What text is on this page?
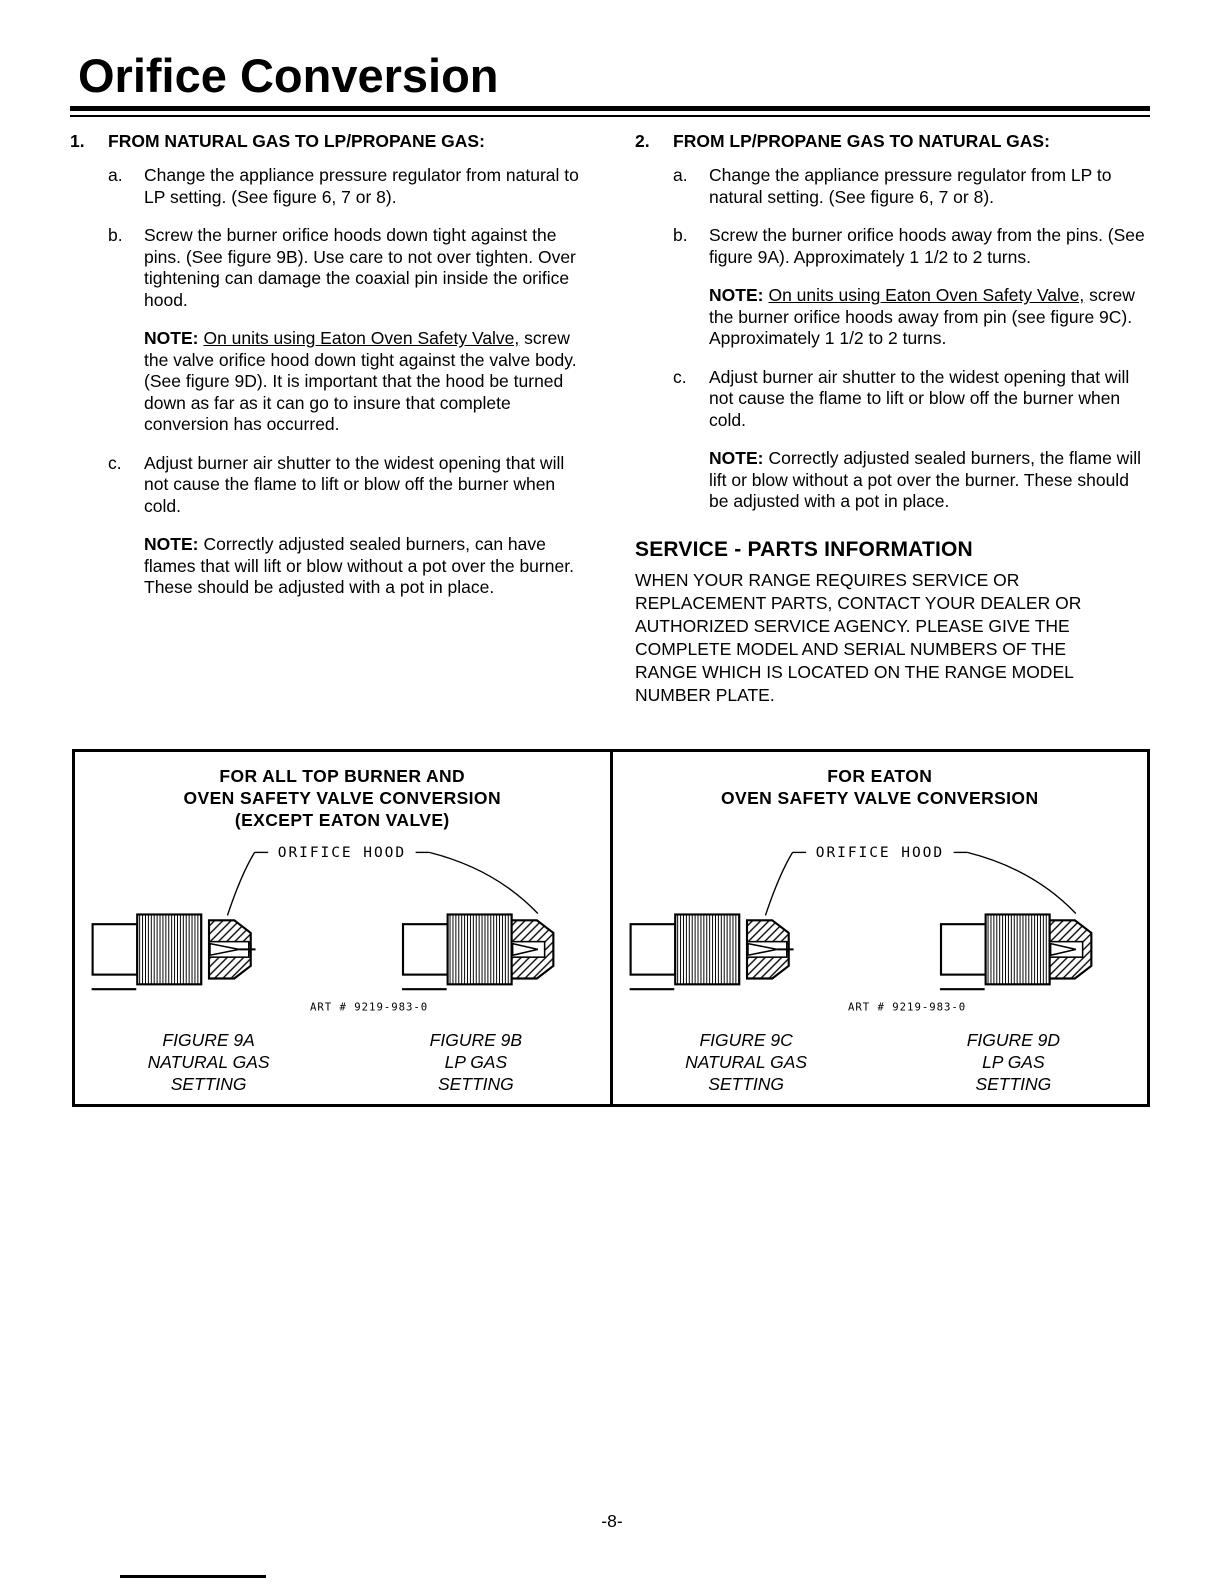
Orifice Conversion
1.	FROM NATURAL GAS TO LP/PROPANE GAS:
a.	Change the appliance pressure regulator from natural to LP setting. (See figure 6, 7 or 8).
b.	Screw the burner orifice hoods down tight against the pins. (See figure 9B). Use care to not over tighten. Over tightening can damage the coaxial pin inside the orifice hood.
NOTE: On units using Eaton Oven Safety Valve, screw the valve orifice hood down tight against the valve body. (See figure 9D). It is important that the hood be turned down as far as it can go to insure that complete conversion has occurred.
c.	Adjust burner air shutter to the widest opening that will not cause the flame to lift or blow off the burner when cold.
NOTE: Correctly adjusted sealed burners, can have flames that will lift or blow without a pot over the burner. These should be adjusted with a pot in place.
2.	FROM LP/PROPANE GAS TO NATURAL GAS:
a.	Change the appliance pressure regulator from LP to natural setting. (See figure 6, 7 or 8).
b.	Screw the burner orifice hoods away from the pins. (See figure 9A). Approximately 1 1/2 to 2 turns.
NOTE: On units using Eaton Oven Safety Valve, screw the burner orifice hoods away from pin (see figure 9C). Approximately 1 1/2 to 2 turns.
c.	Adjust burner air shutter to the widest opening that will not cause the flame to lift or blow off the burner when cold.
NOTE: Correctly adjusted sealed burners, the flame will lift or blow without a pot over the burner. These should be adjusted with a pot in place.
SERVICE - PARTS INFORMATION
WHEN YOUR RANGE REQUIRES SERVICE OR REPLACEMENT PARTS, CONTACT YOUR DEALER OR AUTHORIZED SERVICE AGENCY. PLEASE GIVE THE COMPLETE MODEL AND SERIAL NUMBERS OF THE RANGE WHICH IS LOCATED ON THE RANGE MODEL NUMBER PLATE.
FOR ALL TOP BURNER AND
OVEN SAFETY VALVE CONVERSION
(EXCEPT EATON VALVE)
ORIFICE HOOD
ART # 9219-983-0
FIGURE 9A
NATURAL GAS
SETTING
FIGURE 9B
LP GAS
SETTING
FOR EATON
OVEN SAFETY VALVE CONVERSION
ORIFICE HOOD
ART # 9219-983-0
FIGURE 9C
NATURAL GAS
SETTING
FIGURE 9D
LP GAS
SETTING
-8-
